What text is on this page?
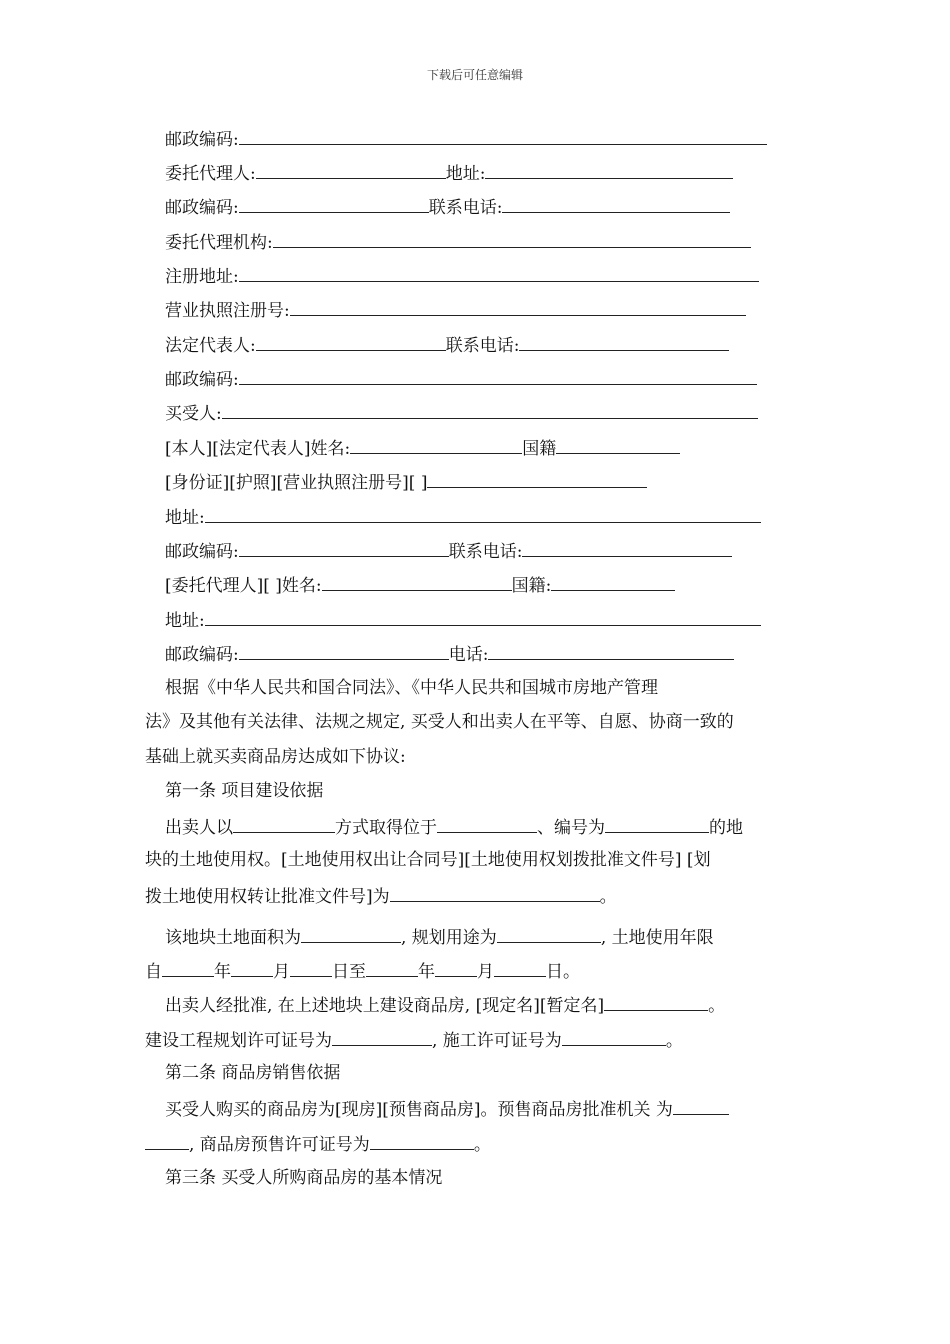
下载后可任意编辑
邮政编码:
委托代理人:	地址:
邮政编码:	联系电话:
委托代理机构:
注册地址:
营业执照注册号:
法定代表人:	联系电话:
邮政编码:
买受人:
[本人][法定代表人]姓名:	国籍
[身份证][护照][营业执照注册号][ ]
地址:
邮政编码:	联系电话:
[委托代理人][ ]姓名:	国籍:
地址:
邮政编码:	电话:
根据《中华人民共和国合同法》、《中华人民共和国城市房地产管理
法》及其他有关法律、法规之规定, 买受人和出卖人在平等、自愿、协商一致的
基础上就买卖商品房达成如下协议:
第一条 项目建设依据
出卖人以	方式取得位于	、编号为	的地
块的土地使用权。[土地使用权出让合同号][土地使用权划拨批准文件号] [划
拨土地使用权转让批准文件号]为	。
该地块土地面积为	, 规划用途为	, 土地使用年限
自	年 月 日至	年 月	日。
出卖人经批准, 在上述地块上建设商品房, [现定名][暂定名]	。
建设工程规划许可证号为	, 施工许可证号为	。
第二条 商品房销售依据
买受人购买的商品房为[现房][预售商品房]。预售商品房批准机关 为
, 商品房预售许可证号为	。
第三条 买受人所购商品房的基本情况
